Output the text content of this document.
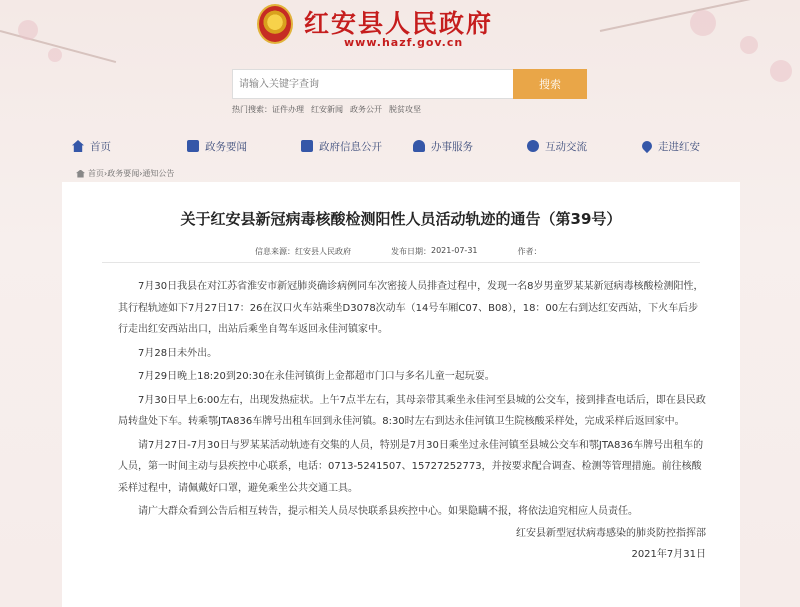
红安县人民政府
www.hazf.gov.cn
请输入关键字查询
搜索
热门搜索：证件办理 红安新闻 政务公开 脱贫攻坚
首页	政务要闻	政府信息公开	办事服务	互动交流	走进红安
首页 › 政务要闻 › 通知公告
关于红安县新冠病毒核酸检测阳性人员活动轨迹的通告（第39号）
信息来源： 红安县人民政府	发布日期： 2021-07-31	作者：

7月30日我县在对江苏省淮安市新冠肺炎确诊病例同车次密接人员排查过程中，发现一名8岁男童罗某某新冠病毒核酸检测阳性，其行程轨迹如下7月27日17：26在汉口火车站乘坐D3078次动车（14号车厢C07、B08），18：00左右到达红安西站，下火车后步行走出红安西站出口，出站后乘坐自驾车返回永佳河镇家中。

7月28日未外出。

7月29日晚上18:20到20:30在永佳河镇街上金都超市门口与多名儿童一起玩耍。

7月30日早上6:00左右，出现发热症状。上午7点半左右，其母亲带其乘坐永佳河至县城的公交车，接到排查电话后，即在县民政局转盘处下车。转乘鄂JTA836车牌号出租车回到永佳河镇。8:30时左右到达永佳河镇卫生院核酸采样处，完成采样后返回家中。

请7月27日-7月30日与罗某某活动轨迹有交集的人员，特别是7月30日乘坐过永佳河镇至县城公交车和鄂JTA836车牌号出租车的人员，第一时间主动与县疾控中心联系，电话：0713-5241507、15727252773，并按要求配合调查、检测等管理措施。前往核酸采样过程中，请佩戴好口罩，避免乘坐公共交通工具。

请广大群众看到公告后相互转告，提示相关人员尽快联系县疾控中心。如果隐瞒不报，将依法追究相应人员责任。

红安县新型冠状病毒感染的肺炎防控指挥部

2021年7月31日
